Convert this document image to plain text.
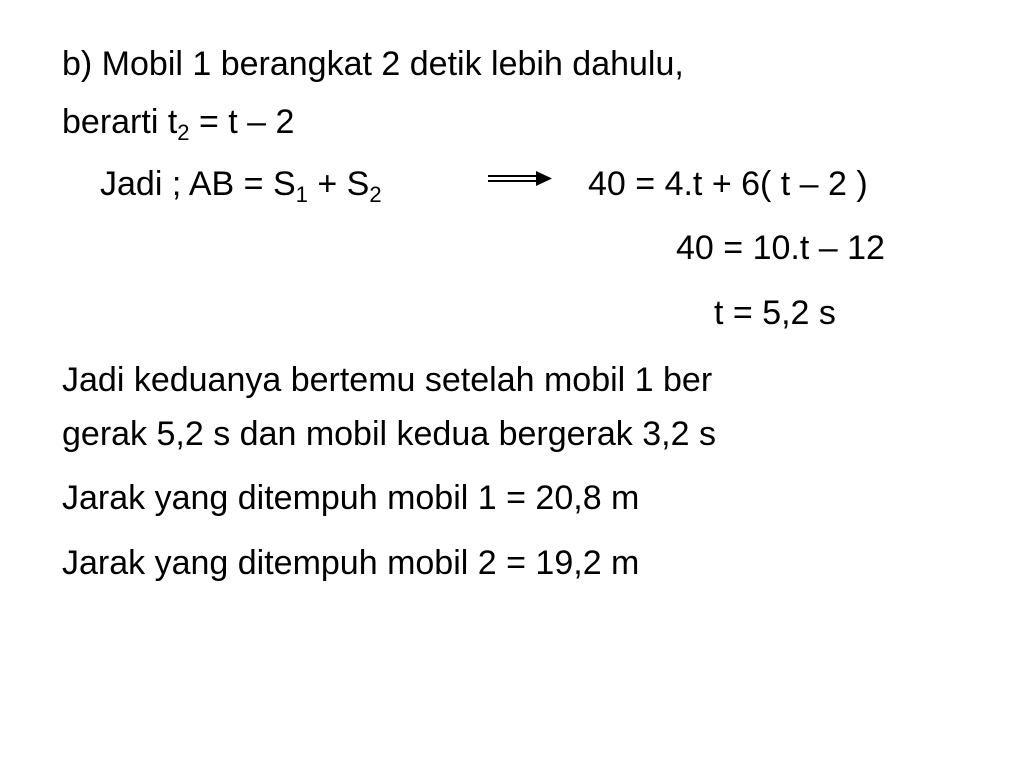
b) Mobil 1 berangkat 2 detik lebih dahulu,
berarti $t_2 = t - 2$
Jadi ; AB = $S_1 + S_2$	40 = 4.t + 6( t – 2 )
40 = 10.t – 12
t = 5,2 s
Jadi keduanya bertemu setelah mobil 1 ber
gerak 5,2 s dan mobil kedua bergerak 3,2 s
Jarak yang ditempuh mobil 1 = 20,8 m
Jarak yang ditempuh mobil 2 = 19,2 m
